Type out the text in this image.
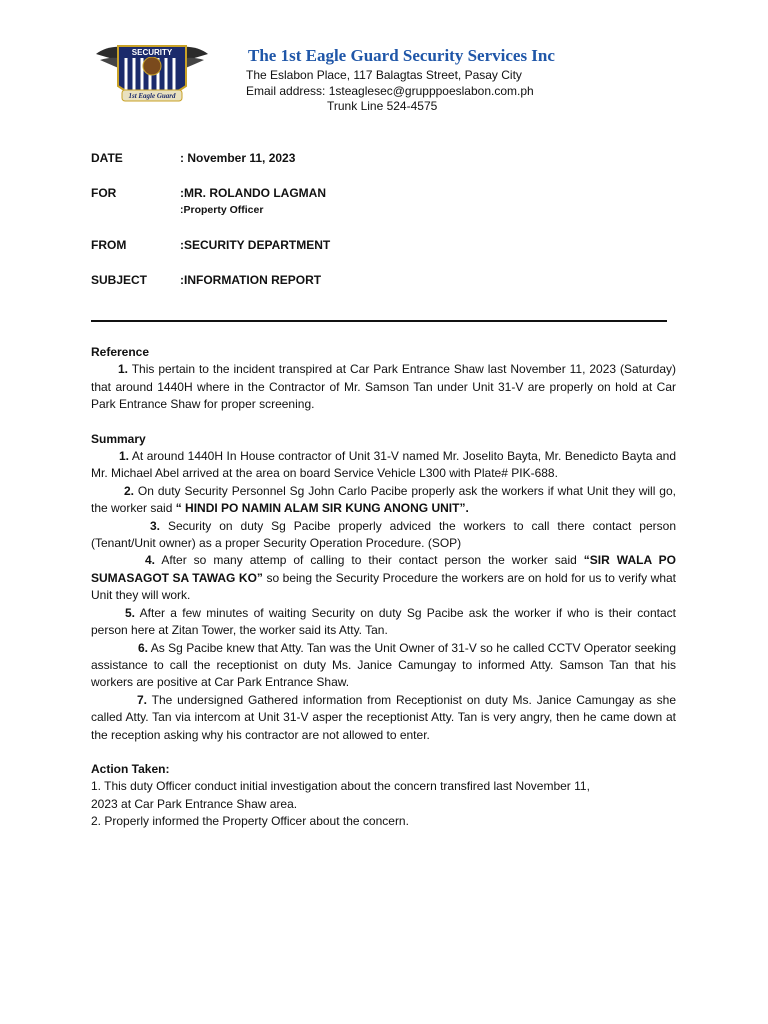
SECURITY
1st Eagle Guard
The 1st Eagle Guard Security Services Inc
The Eslabon Place, 117 Balagtas Street, Pasay City
Email address: 1steaglesec@grupppoeslabon.com.ph
Trunk Line 524-4575
DATE	: November 11, 2023
FOR	:MR. ROLANDO LAGMAN
:Property Officer
FROM	:SECURITY DEPARTMENT
SUBJECT	:INFORMATION REPORT

Reference

1. This pertain to the incident transpired at Car Park Entrance Shaw last November 11, 2023 (Saturday) that around 1440H where in the Contractor of Mr. Samson Tan under Unit 31-V are properly on hold at Car Park Entrance Shaw for proper screening.

Summary

1. At around 1440H In House contractor of Unit 31-V named Mr. Joselito Bayta, Mr. Benedicto Bayta and Mr. Michael Abel arrived at the area on board Service Vehicle L300 with Plate# PIK-688.

2. On duty Security Personnel Sg John Carlo Pacibe properly ask the workers if what Unit they will go, the worker said “ HINDI PO NAMIN ALAM SIR KUNG ANONG UNIT”.

3. Security on duty Sg Pacibe properly adviced the workers to call there contact person (Tenant/Unit owner) as a proper Security Operation Procedure. (SOP)

4. After so many attemp of calling to their contact person the worker said “SIR WALA PO SUMASAGOT SA TAWAG KO” so being the Security Procedure the workers are on hold for us to verify what Unit they will work.

5. After a few minutes of waiting Security on duty Sg Pacibe ask the worker if who is their contact person here at Zitan Tower, the worker said its Atty. Tan.

6. As Sg Pacibe knew that Atty. Tan was the Unit Owner of 31-V so he called CCTV Operator seeking assistance to call the receptionist on duty Ms. Janice Camungay to informed Atty. Samson Tan that his workers are positive at Car Park Entrance Shaw.

7. The undersigned Gathered information from Receptionist on duty Ms. Janice Camungay as she called Atty. Tan via intercom at Unit 31-V asper the receptionist Atty. Tan is very angry, then he came down at the reception asking why his contractor are not allowed to enter.

Action Taken:

1. This duty Officer conduct initial investigation about the concern transfired last November 11,

2023 at Car Park Entrance Shaw area.

2. Properly informed the Property Officer about the concern.
